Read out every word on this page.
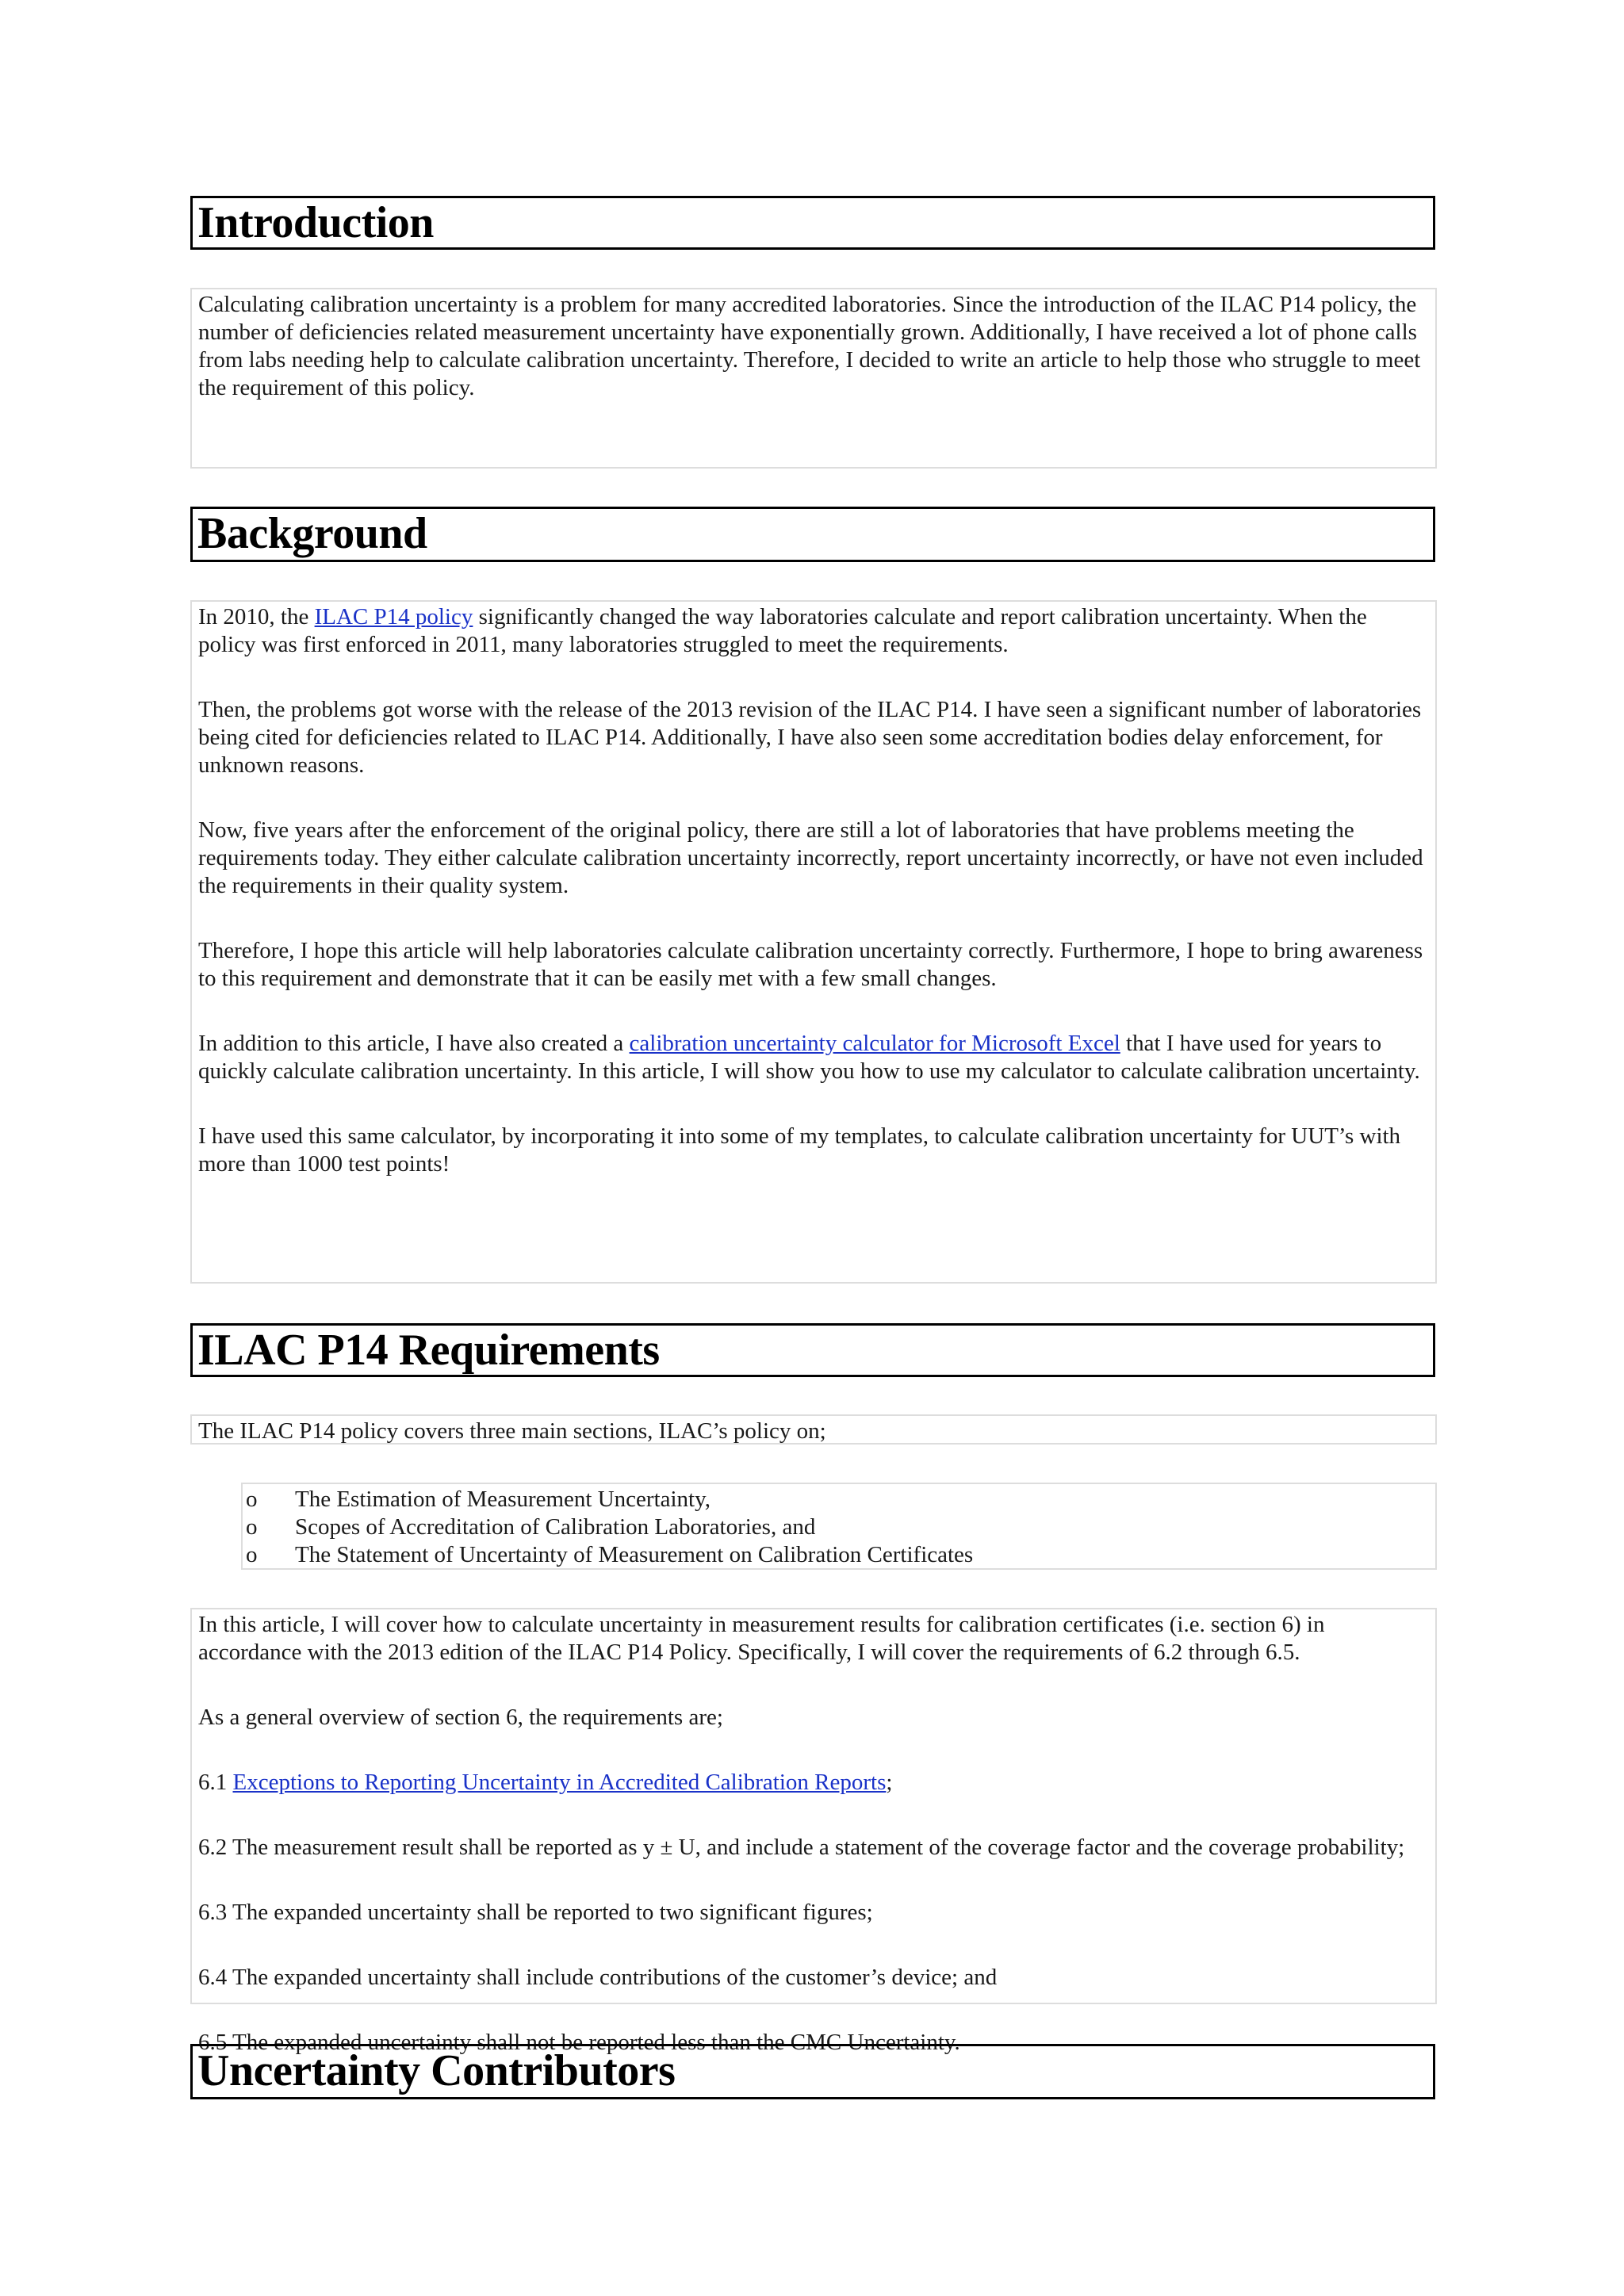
Introduction

Calculating calibration uncertainty is a problem for many accredited laboratories. Since the introduction of the ILAC P14 policy, the number of deficiencies related measurement uncertainty have exponentially grown. Additionally, I have received a lot of phone calls from labs needing help to calculate calibration uncertainty. Therefore, I decided to write an article to help those who struggle to meet the requirement of this policy.

Background

In 2010, the ILAC P14 policy significantly changed the way laboratories calculate and report calibration uncertainty. When the policy was first enforced in 2011, many laboratories struggled to meet the requirements.

Then, the problems got worse with the release of the 2013 revision of the ILAC P14. I have seen a significant number of laboratories being cited for deficiencies related to ILAC P14. Additionally, I have also seen some accreditation bodies delay enforcement, for unknown reasons.

Now, five years after the enforcement of the original policy, there are still a lot of laboratories that have problems meeting the requirements today. They either calculate calibration uncertainty incorrectly, report uncertainty incorrectly, or have not even included the requirements in their quality system.

Therefore, I hope this article will help laboratories calculate calibration uncertainty correctly. Furthermore, I hope to bring awareness to this requirement and demonstrate that it can be easily met with a few small changes.

In addition to this article, I have also created a calibration uncertainty calculator for Microsoft Excel that I have used for years to quickly calculate calibration uncertainty. In this article, I will show you how to use my calculator to calculate calibration uncertainty.

I have used this same calculator, by incorporating it into some of my templates, to calculate calibration uncertainty for UUT’s with more than 1000 test points!

ILAC P14 Requirements

The ILAC P14 policy covers three main sections, ILAC’s policy on;

o The Estimation of Measurement Uncertainty,
o Scopes of Accreditation of Calibration Laboratories, and
o The Statement of Uncertainty of Measurement on Calibration Certificates

In this article, I will cover how to calculate uncertainty in measurement results for calibration certificates (i.e. section 6) in accordance with the 2013 edition of the ILAC P14 Policy. Specifically, I will cover the requirements of 6.2 through 6.5.

As a general overview of section 6, the requirements are;

6.1 Exceptions to Reporting Uncertainty in Accredited Calibration Reports;

6.2 The measurement result shall be reported as y ± U, and include a statement of the coverage factor and the coverage probability;

6.3 The expanded uncertainty shall be reported to two significant figures;

6.4 The expanded uncertainty shall include contributions of the customer’s device; and

6.5 The expanded uncertainty shall not be reported less than the CMC Uncertainty.

Uncertainty Contributors
